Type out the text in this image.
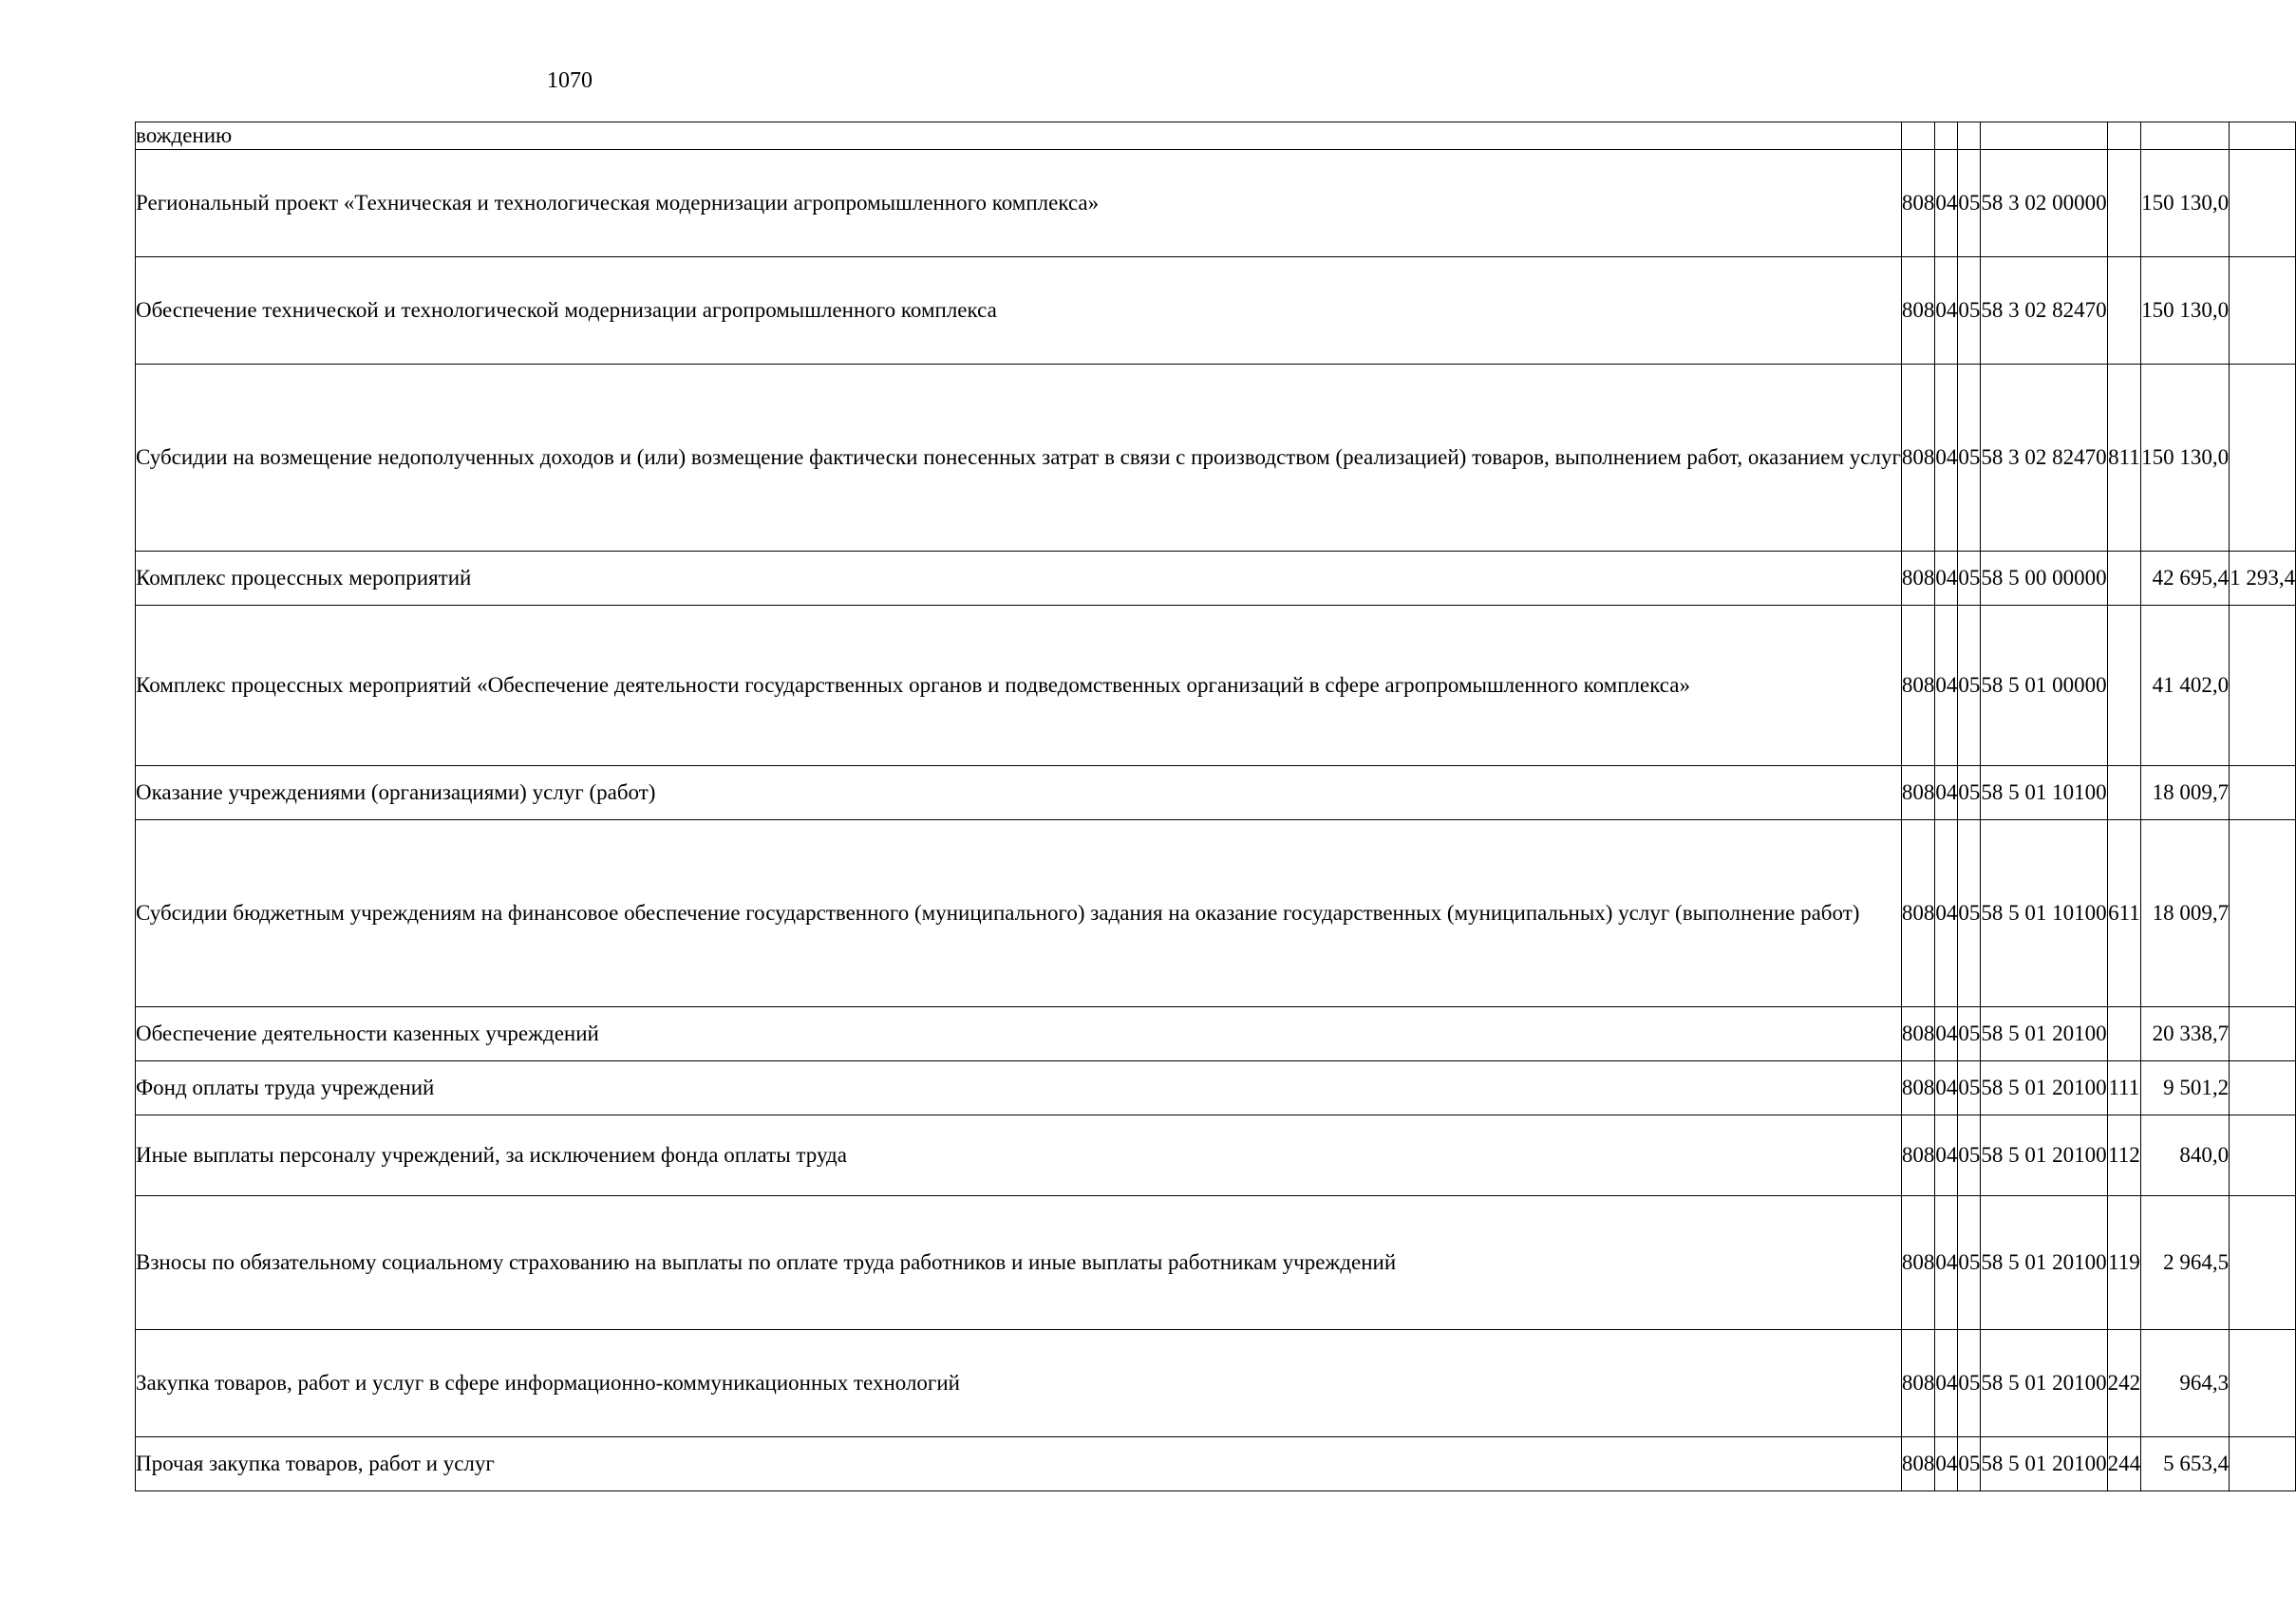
1070
вождению							
Региональный проект «Техническая и технологическая модернизации агропромышленного комплекса»	808	04	05	58 3 02 00000		150 130,0	
Обеспечение технической и технологической модернизации агропромышленного комплекса	808	04	05	58 3 02 82470		150 130,0	
Субсидии на возмещение недополученных доходов и (или) возмещение фактически понесенных затрат в связи с производством (реализацией) товаров, выполнением работ, оказанием услуг	808	04	05	58 3 02 82470	811	150 130,0	
Комплекс процессных мероприятий	808	04	05	58 5 00 00000		42 695,4	1 293,4
Комплекс процессных мероприятий «Обеспечение деятельности государственных органов и подведомственных организаций в сфере агропромышленного комплекса»	808	04	05	58 5 01 00000		41 402,0	
Оказание учреждениями (организациями) услуг (работ)	808	04	05	58 5 01 10100		18 009,7	
Субсидии бюджетным учреждениям на финансовое обеспечение государственного (муниципального) задания на оказание государственных (муниципальных) услуг (выполнение работ)	808	04	05	58 5 01 10100	611	18 009,7	
Обеспечение деятельности казенных учреждений	808	04	05	58 5 01 20100		20 338,7	
Фонд оплаты труда учреждений	808	04	05	58 5 01 20100	111	9 501,2	
Иные выплаты персоналу учреждений, за исключением фонда оплаты труда	808	04	05	58 5 01 20100	112	840,0	
Взносы по обязательному социальному страхованию на выплаты по оплате труда работников и иные выплаты работникам учреждений	808	04	05	58 5 01 20100	119	2 964,5	
Закупка товаров, работ и услуг в сфере информационно-коммуникационных технологий	808	04	05	58 5 01 20100	242	964,3	
Прочая закупка товаров, работ и услуг	808	04	05	58 5 01 20100	244	5 653,4	
